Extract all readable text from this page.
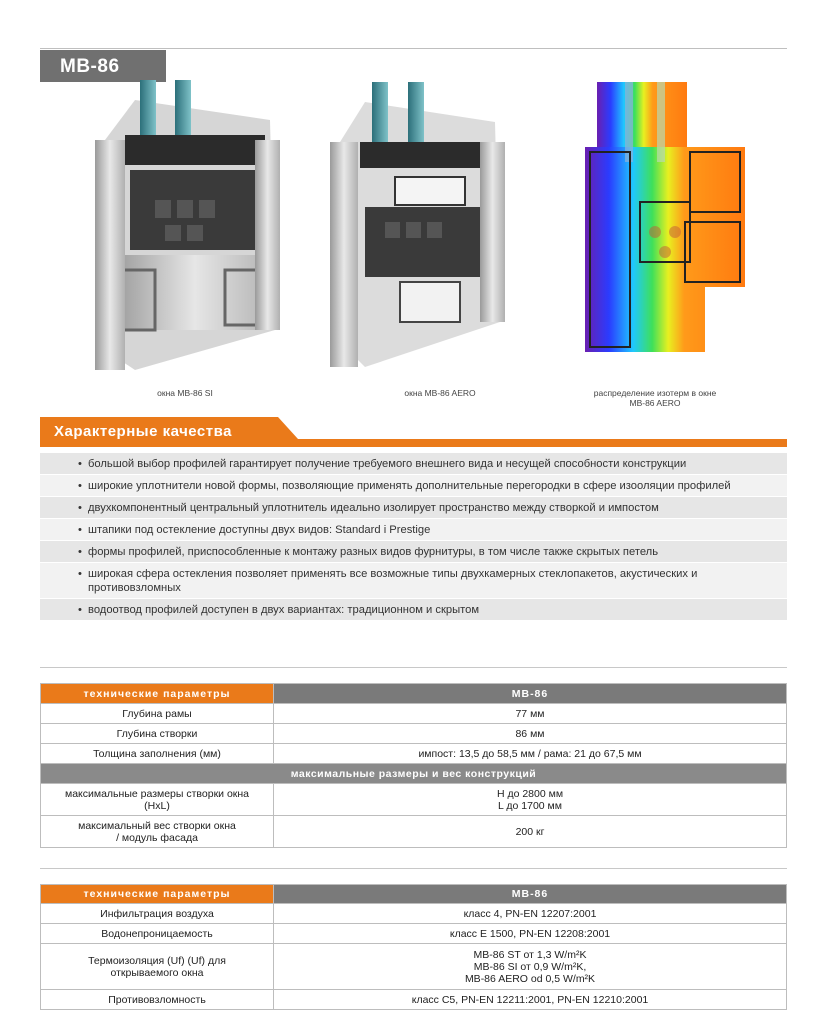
MB-86
окна MB-86 SI	окна MB-86 AERO	распределение изотерм в окне
MB-86 AERO
Характерные качества
• большой выбор профилей гарантирует получение требуемого внешнего вида и несущей способности конструкции
• широкие уплотнители новой формы, позволяющие применять дополнительные перегородки в сфере изооляции профилей
• двухкомпонентный центральный уплотнитель идеально изолирует пространство между створкой и импостом
• штапики под остекление доступны двух видов: Standard i Prestige
• формы профилей, приспособленные к монтажу разных видов фурнитуры, в том числе также скрытых петель
• широкая сфера остекления позволяет применять все возможные типы двухкамерных стеклопакетов, акустических и противовзломных
• водоотвод профилей доступен в двух вариантах: традиционном и скрытом
технические параметры	MB-86
Глубина рамы	77 мм
Глубина створки	86 мм
Толщина заполнения (мм)	импост: 13,5 до 58,5 мм / рама: 21 до 67,5 мм
максимальные размеры и вес конструкций	
максимальные размеры створки окна
(HxL)	H до 2800 мм
L до 1700 мм
максимальный вес створки окна
/ модуль фасада	200 кг
технические параметры	MB-86
Инфильтрация воздуха	класс 4, PN-EN 12207:2001
Водонепроницаемость	класс E 1500, PN-EN 12208:2001
Термоизоляция (Uf) (Uf) для
открываемого окна	MB-86 ST от 1,3 W/m²K
MB-86 SI от 0,9 W/m²K,
MB-86 AERO od 0,5 W/m²K
Противовзломность	класс C5, PN-EN 12211:2001, PN-EN 12210:2001
